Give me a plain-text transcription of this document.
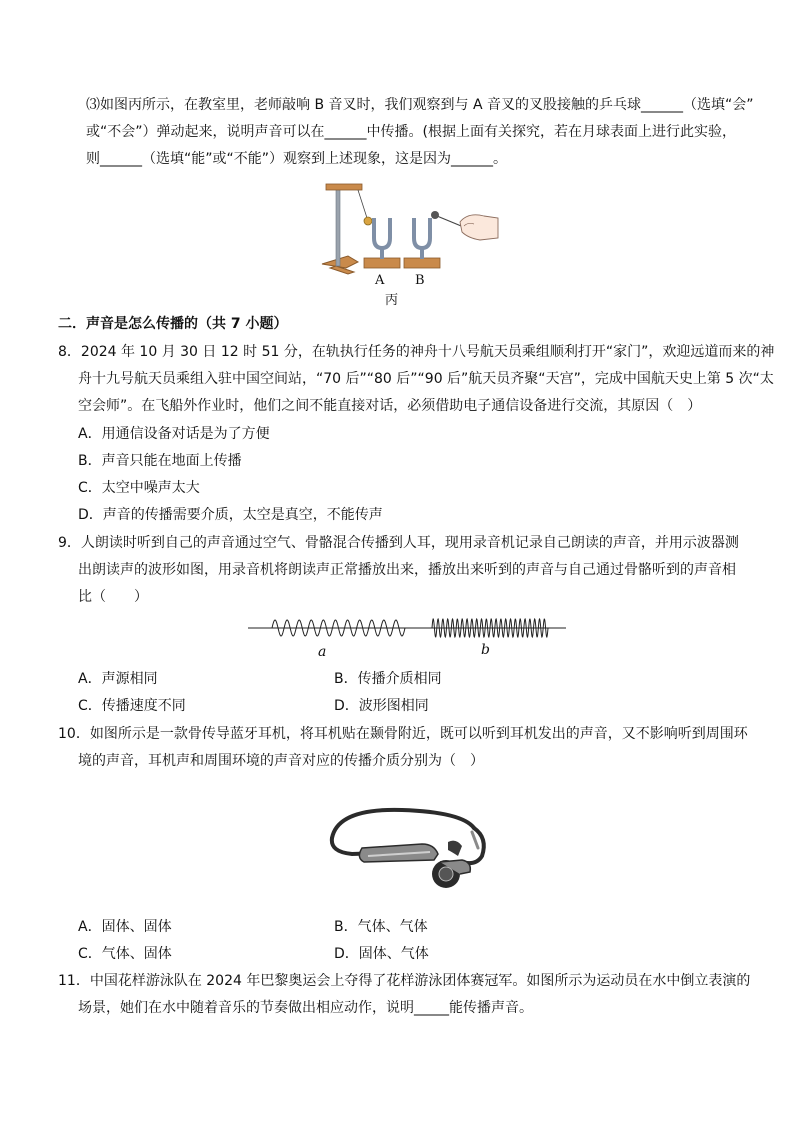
⑶如图丙所示，在教室里，老师敲响 B 音叉时，我们观察到与 A 音叉的叉股接触的乒乓球______（选填“会”
或“不会”）弹动起来，说明声音可以在______中传播。(根据上面有关探究，若在月球表面上进行此实验，
则______（选填“能”或“不能”）观察到上述现象，这是因为______。
A B
丙
二．声音是怎么传播的（共 7 小题）
8．2024 年 10 月 30 日 12 时 51 分，在轨执行任务的神舟十八号航天员乘组顺利打开“家门”，欢迎远道而来的神
舟十九号航天员乘组入驻中国空间站，“70 后”“80 后”“90 后”航天员齐聚“天宫”，完成中国航天史上第 5 次“太
空会师”。在飞船外作业时，他们之间不能直接对话，必须借助电子通信设备进行交流，其原因（　）
A．用通信设备对话是为了方便
B．声音只能在地面上传播
C．太空中噪声太大
D．声音的传播需要介质，太空是真空，不能传声
9．人朗读时听到自己的声音通过空气、骨骼混合传播到人耳，现用录音机记录自己朗读的声音，并用示波器测
出朗读声的波形如图，用录音机将朗读声正常播放出来，播放出来听到的声音与自己通过骨骼听到的声音相
比（　　）
a	b
A．声源相同	B．传播介质相同
C．传播速度不同	D．波形图相同
10．如图所示是一款骨传导蓝牙耳机，将耳机贴在颞骨附近，既可以听到耳机发出的声音，又不影响听到周围环
境的声音，耳机声和周围环境的声音对应的传播介质分别为（　）
A．固体、固体	B．气体、气体
C．气体、固体	D．固体、气体
11．中国花样游泳队在 2024 年巴黎奥运会上夺得了花样游泳团体赛冠军。如图所示为运动员在水中倒立表演的
场景，她们在水中随着音乐的节奏做出相应动作，说明_____能传播声音。
